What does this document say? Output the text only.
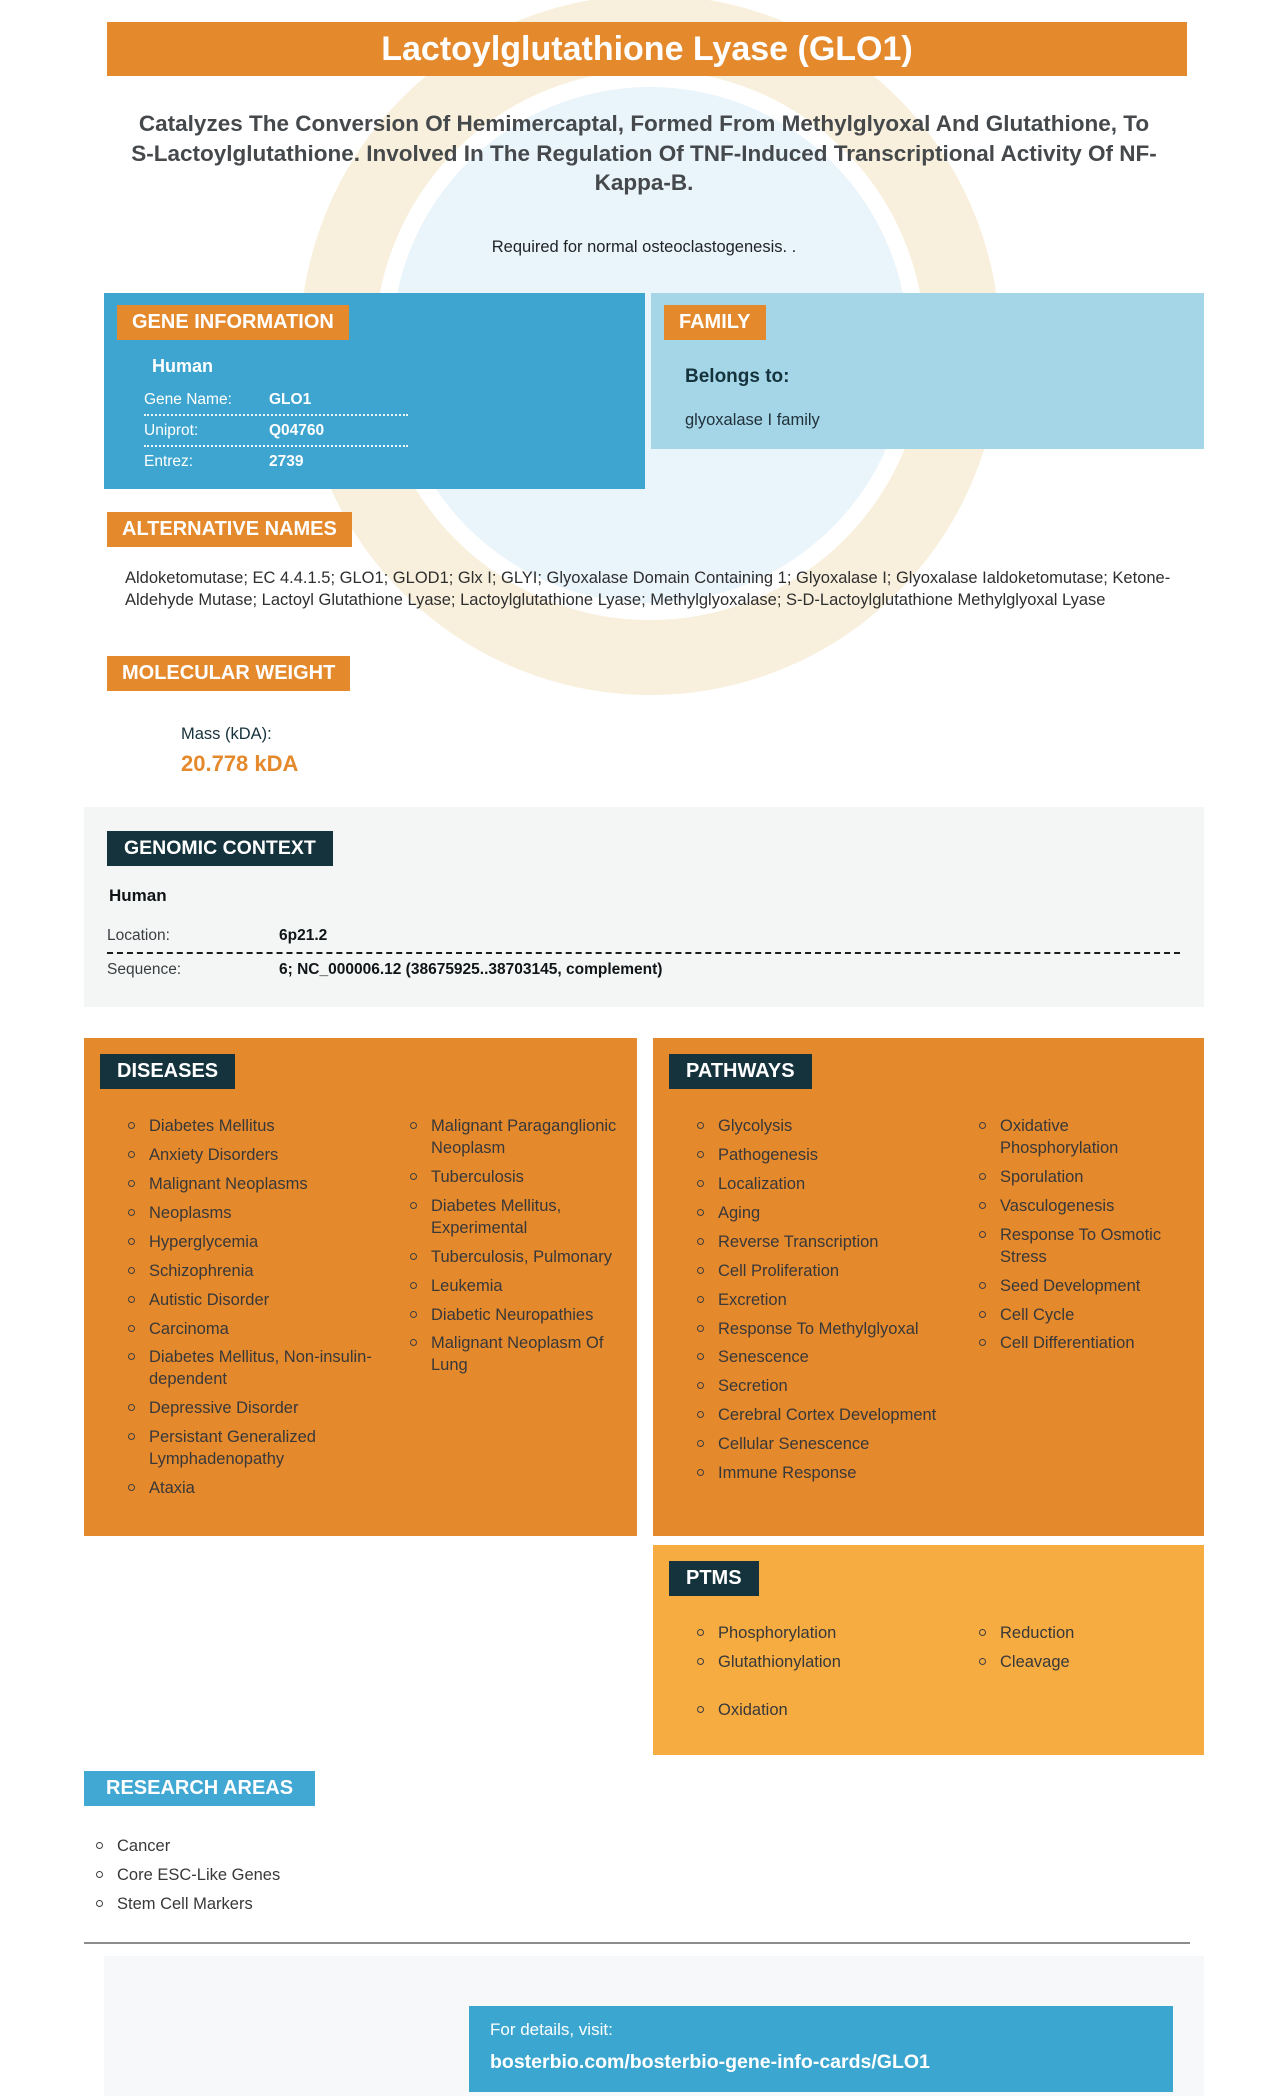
Lactoylglutathione Lyase (GLO1)
Catalyzes The Conversion Of Hemimercaptal, Formed From Methylglyoxal And Glutathione, To S-Lactoylglutathione. Involved In The Regulation Of TNF-Induced Transcriptional Activity Of NF- Kappa-B.
Required for normal osteoclastogenesis. .
GENE INFORMATION
Human
Gene Name:	GLO1
Uniprot:	Q04760
Entrez:	2739
FAMILY
Belongs to:
glyoxalase I family
ALTERNATIVE NAMES
Aldoketomutase; EC 4.4.1.5; GLO1; GLOD1; Glx I; GLYI; Glyoxalase Domain Containing 1; Glyoxalase I; Glyoxalase Ialdoketomutase; Ketone-Aldehyde Mutase; Lactoyl Glutathione Lyase; Lactoylglutathione Lyase; Methylglyoxalase; S-D-Lactoylglutathione Methylglyoxal Lyase
MOLECULAR WEIGHT
Mass (kDA):
20.778 kDA
GENOMIC CONTEXT
Human
Location:	6p21.2
Sequence:	6; NC_000006.12 (38675925..38703145, complement)
DISEASES
Diabetes Mellitus
Anxiety Disorders
Malignant Neoplasms
Neoplasms
Hyperglycemia
Schizophrenia
Autistic Disorder
Carcinoma
Diabetes Mellitus, Non-insulin-dependent
Depressive Disorder
Persistant Generalized Lymphadenopathy
Ataxia
Malignant Paraganglionic Neoplasm
Tuberculosis
Diabetes Mellitus, Experimental
Tuberculosis, Pulmonary
Leukemia
Diabetic Neuropathies
Malignant Neoplasm Of Lung
PATHWAYS
Glycolysis
Pathogenesis
Localization
Aging
Reverse Transcription
Cell Proliferation
Excretion
Response To Methylglyoxal
Senescence
Secretion
Cerebral Cortex Development
Cellular Senescence
Immune Response
Oxidative Phosphorylation
Sporulation
Vasculogenesis
Response To Osmotic Stress
Seed Development
Cell Cycle
Cell Differentiation
PTMS
Phosphorylation
Glutathionylation
Oxidation
Reduction
Cleavage
RESEARCH AREAS
Cancer
Core ESC-Like Genes
Stem Cell Markers
For details, visit:
bosterbio.com/bosterbio-gene-info-cards/GLO1
